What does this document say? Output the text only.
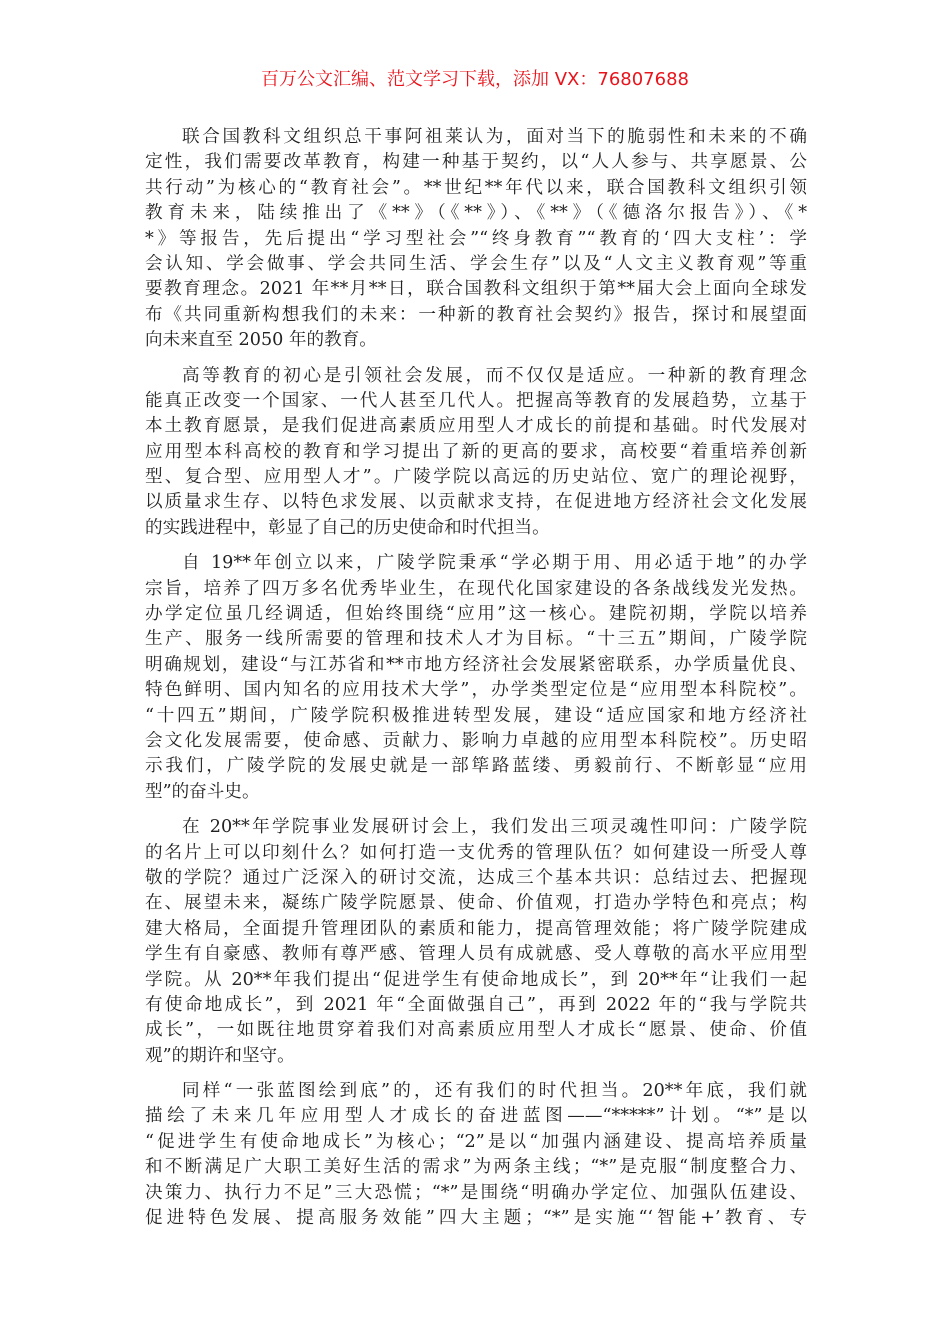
百万公文汇编、范文学习下载，添加 VX：76807688
联合国教科文组织总干事阿祖莱认为，面对当下的脆弱性和未来的不确
定性，我们需要改革教育，构建一种基于契约，以“人人参与、共享愿景、公
共行动”为核心的“教育社会”。**世纪**年代以来，联合国教科文组织引领
教育未来，陆续推出了《**》（《**》）、《**》（《德洛尔报告》）、《*
*》等报告，先后提出“学习型社会”“终身教育”“教育的‘四大支柱’：学
会认知、学会做事、学会共同生活、学会生存”以及“人文主义教育观”等重
要教育理念。2021 年**月**日，联合国教科文组织于第**届大会上面向全球发
布《共同重新构想我们的未来：一种新的教育社会契约》报告，探讨和展望面
向未来直至 2050 年的教育。
高等教育的初心是引领社会发展，而不仅仅是适应。一种新的教育理念
能真正改变一个国家、一代人甚至几代人。把握高等教育的发展趋势，立基于
本土教育愿景，是我们促进高素质应用型人才成长的前提和基础。时代发展对
应用型本科高校的教育和学习提出了新的更高的要求，高校要“着重培养创新
型、复合型、应用型人才”。广陵学院以高远的历史站位、宽广的理论视野，
以质量求生存、以特色求发展、以贡献求支持，在促进地方经济社会文化发展
的实践进程中，彰显了自己的历史使命和时代担当。
自 19**年创立以来，广陵学院秉承“学必期于用、用必适于地”的办学
宗旨，培养了四万多名优秀毕业生，在现代化国家建设的各条战线发光发热。
办学定位虽几经调适，但始终围绕“应用”这一核心。建院初期，学院以培养
生产、服务一线所需要的管理和技术人才为目标。“十三五”期间，广陵学院
明确规划，建设“与江苏省和**市地方经济社会发展紧密联系，办学质量优良、
特色鲜明、国内知名的应用技术大学”，办学类型定位是“应用型本科院校”。
“十四五”期间，广陵学院积极推进转型发展，建设“适应国家和地方经济社
会文化发展需要，使命感、贡献力、影响力卓越的应用型本科院校”。历史昭
示我们，广陵学院的发展史就是一部筚路蓝缕、勇毅前行、不断彰显“应用
型”的奋斗史。
在 20**年学院事业发展研讨会上，我们发出三项灵魂性叩问：广陵学院
的名片上可以印刻什么？如何打造一支优秀的管理队伍？如何建设一所受人尊
敬的学院？通过广泛深入的研讨交流，达成三个基本共识：总结过去、把握现
在、展望未来，凝练广陵学院愿景、使命、价值观，打造办学特色和亮点；构
建大格局，全面提升管理团队的素质和能力，提高管理效能；将广陵学院建成
学生有自豪感、教师有尊严感、管理人员有成就感、受人尊敬的高水平应用型
学院。从 20**年我们提出“促进学生有使命地成长”，到 20**年“让我们一起
有使命地成长”，到 2021 年“全面做强自己”，再到 2022 年的“我与学院共
成长”，一如既往地贯穿着我们对高素质应用型人才成长“愿景、使命、价值
观”的期许和坚守。
同样“一张蓝图绘到底”的，还有我们的时代担当。20**年底，我们就
描绘了未来几年应用型人才成长的奋进蓝图——“*****”计划。“*”是以
“促进学生有使命地成长”为核心；“2”是以“加强内涵建设、提高培养质量
和不断满足广大职工美好生活的需求”为两条主线；“*”是克服“制度整合力、
决策力、执行力不足”三大恐慌；“*”是围绕“明确办学定位、加强队伍建设、
促进特色发展、提高服务效能”四大主题；“*”是实施“‘智能+’教育、专
